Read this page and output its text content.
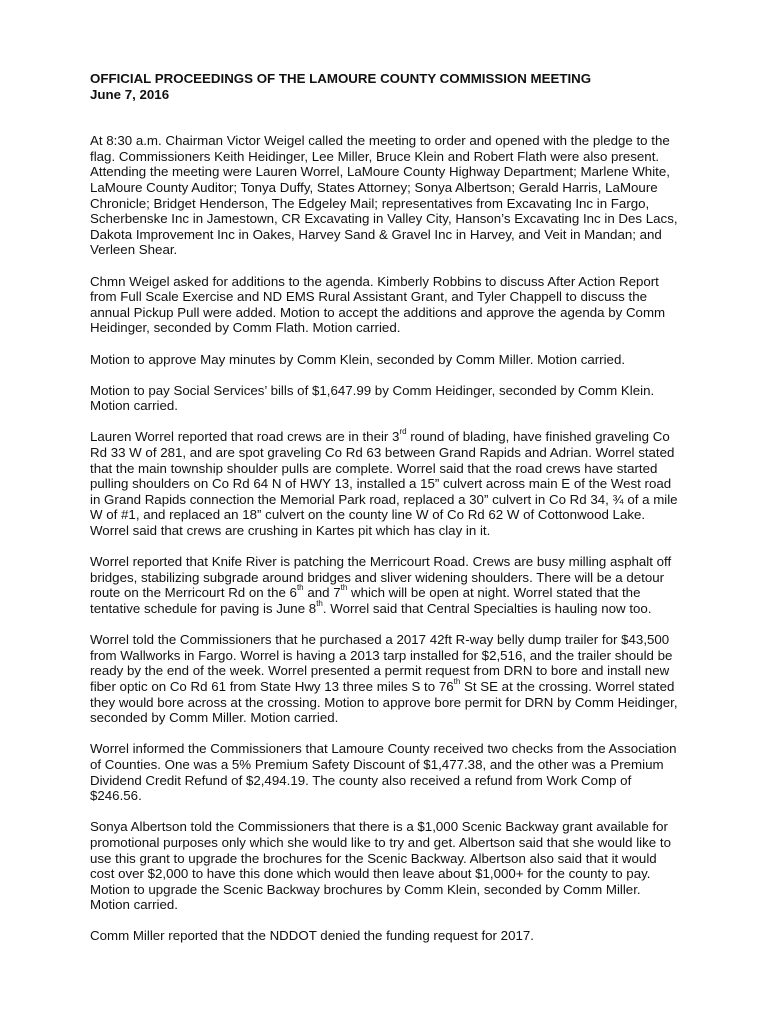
OFFICIAL PROCEEDINGS OF THE LAMOURE COUNTY COMMISSION MEETING
June 7, 2016

At 8:30 a.m. Chairman Victor Weigel called the meeting to order and opened with the pledge to the flag. Commissioners Keith Heidinger, Lee Miller, Bruce Klein and Robert Flath were also present. Attending the meeting were Lauren Worrel, LaMoure County Highway Department; Marlene White, LaMoure County Auditor; Tonya Duffy, States Attorney; Sonya Albertson; Gerald Harris, LaMoure Chronicle; Bridget Henderson, The Edgeley Mail; representatives from Excavating Inc in Fargo, Scherbenske Inc in Jamestown, CR Excavating in Valley City, Hanson’s Excavating Inc in Des Lacs, Dakota Improvement Inc in Oakes, Harvey Sand & Gravel Inc in Harvey, and Veit in Mandan; and Verleen Shear.

Chmn Weigel asked for additions to the agenda. Kimberly Robbins to discuss After Action Report from Full Scale Exercise and ND EMS Rural Assistant Grant, and Tyler Chappell to discuss the annual Pickup Pull were added. Motion to accept the additions and approve the agenda by Comm Heidinger, seconded by Comm Flath. Motion carried.

Motion to approve May minutes by Comm Klein, seconded by Comm Miller. Motion carried.

Motion to pay Social Services’ bills of $1,647.99 by Comm Heidinger, seconded by Comm Klein. Motion carried.

Lauren Worrel reported that road crews are in their 3rd round of blading, have finished graveling Co Rd 33 W of 281, and are spot graveling Co Rd 63 between Grand Rapids and Adrian. Worrel stated that the main township shoulder pulls are complete. Worrel said that the road crews have started pulling shoulders on Co Rd 64 N of HWY 13, installed a 15” culvert across main E of the West road in Grand Rapids connection the Memorial Park road, replaced a 30” culvert in Co Rd 34, ¾ of a mile W of #1, and replaced an 18” culvert on the county line W of Co Rd 62 W of Cottonwood Lake. Worrel said that crews are crushing in Kartes pit which has clay in it.

Worrel reported that Knife River is patching the Merricourt Road. Crews are busy milling asphalt off bridges, stabilizing subgrade around bridges and sliver widening shoulders. There will be a detour route on the Merricourt Rd on the 6th and 7th which will be open at night. Worrel stated that the tentative schedule for paving is June 8th. Worrel said that Central Specialties is hauling now too.

Worrel told the Commissioners that he purchased a 2017 42ft R-way belly dump trailer for $43,500 from Wallworks in Fargo. Worrel is having a 2013 tarp installed for $2,516, and the trailer should be ready by the end of the week. Worrel presented a permit request from DRN to bore and install new fiber optic on Co Rd 61 from State Hwy 13 three miles S to 76th St SE at the crossing. Worrel stated they would bore across at the crossing. Motion to approve bore permit for DRN by Comm Heidinger, seconded by Comm Miller. Motion carried.

Worrel informed the Commissioners that Lamoure County received two checks from the Association of Counties. One was a 5% Premium Safety Discount of $1,477.38, and the other was a Premium Dividend Credit Refund of $2,494.19. The county also received a refund from Work Comp of $246.56.

Sonya Albertson told the Commissioners that there is a $1,000 Scenic Backway grant available for promotional purposes only which she would like to try and get. Albertson said that she would like to use this grant to upgrade the brochures for the Scenic Backway. Albertson also said that it would cost over $2,000 to have this done which would then leave about $1,000+ for the county to pay. Motion to upgrade the Scenic Backway brochures by Comm Klein, seconded by Comm Miller. Motion carried.

Comm Miller reported that the NDDOT denied the funding request for 2017.
